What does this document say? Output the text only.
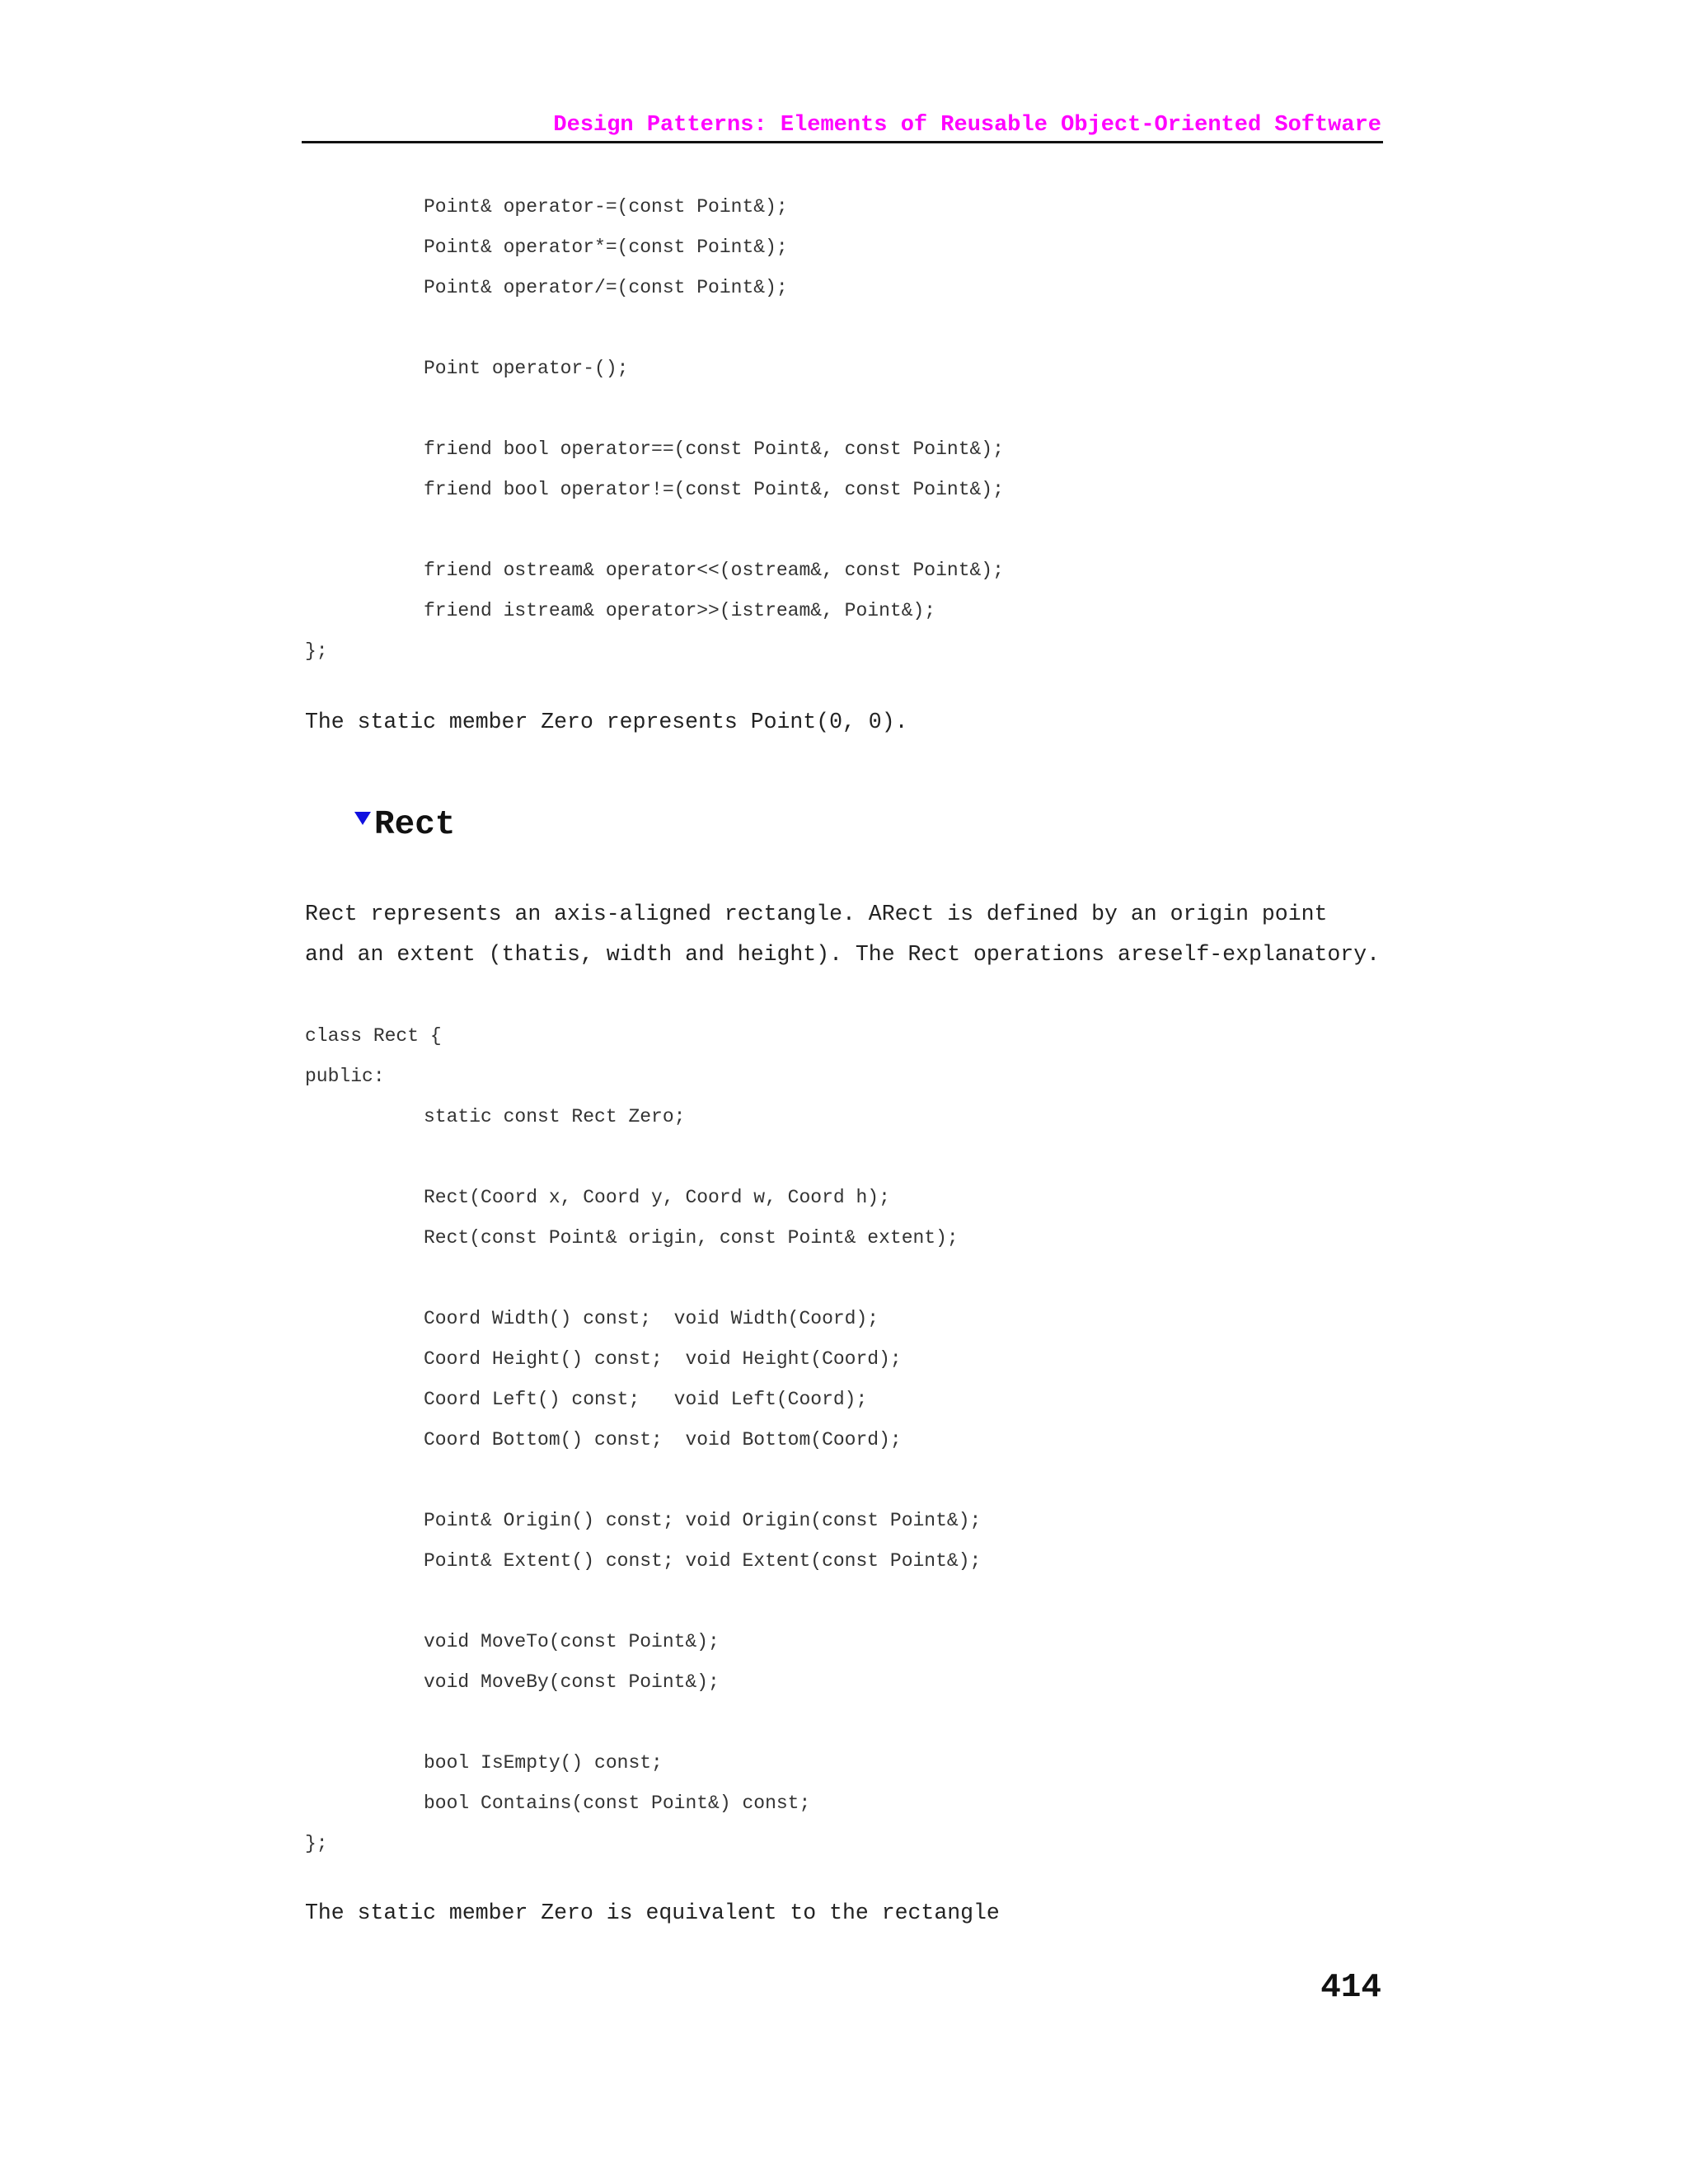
Design Patterns: Elements of Reusable Object-Oriented Software
Point& operator-=(const Point&);
Point& operator*=(const Point&);
Point& operator/=(const Point&);
Point operator-();
friend bool operator==(const Point&, const Point&);
friend bool operator!=(const Point&, const Point&);
friend ostream& operator<<(ostream&, const Point&);
friend istream& operator>>(istream&, Point&);
};
The static member Zero represents Point(0, 0).
Rect
Rect represents an axis-aligned rectangle. ARect is defined by an origin point
and an extent (thatis, width and height). The Rect operations areself-explanatory.
class Rect {
public:
static const Rect Zero;
Rect(Coord x, Coord y, Coord w, Coord h);
Rect(const Point& origin, const Point& extent);
Coord Width() const;  void Width(Coord);
Coord Height() const;  void Height(Coord);
Coord Left() const;   void Left(Coord);
Coord Bottom() const;  void Bottom(Coord);
Point& Origin() const; void Origin(const Point&);
Point& Extent() const; void Extent(const Point&);
void MoveTo(const Point&);
void MoveBy(const Point&);
bool IsEmpty() const;
bool Contains(const Point&) const;
};
The static member Zero is equivalent to the rectangle
414
